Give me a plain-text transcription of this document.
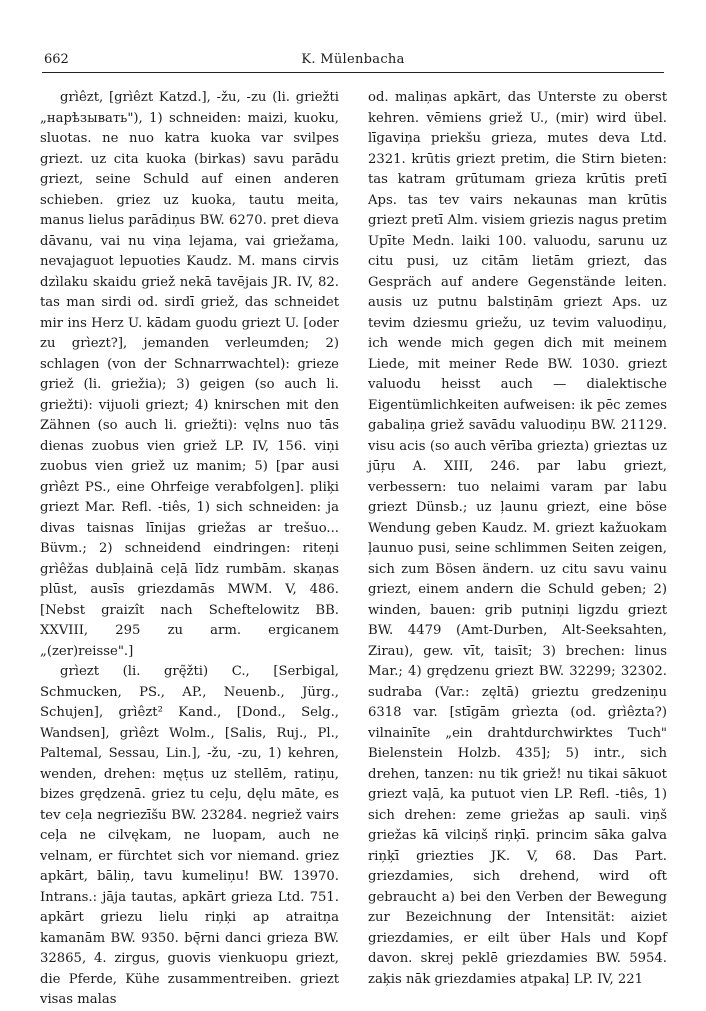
662	K. Mülenbacha

grìêzt, [grìêzt Katzd.], -žu, -zu (li. griežti „нарѣзывать"), 1) schneiden: maizi, kuoku, sluotas. ne nuo katra kuoka var svilpes griezt. uz cita kuoka (birkas) savu parādu griezt, seine Schuld auf einen anderen schieben. griez uz kuoka, tautu meita, manus lielus parādiņus BW. 6270. pret dieva dāvanu, vai nu viņa lejama, vai griežama, nevajaguot lepuoties Kaudz. M. mans cirvis dzìlaku skaidu griež nekā tavējais JR. IV, 82. tas man sirdi od. sirdī griež, das schneidet mir ins Herz U. kādam guodu griezt U. [oder zu grìezt?], jemanden verleumden; 2) schlagen (von der Schnarrwachtel): grieze griež (li. griežia); 3) geigen (so auch li. griežti): vijuoli griezt; 4) knirschen mit den Zähnen (so auch li. griežti): vęlns nuo tās dienas zuobus vien griež LP. IV, 156. viņi zuobus vien griež uz manim; 5) [par ausi grìêzt PS., eine Ohrfeige verabfolgen]. pliķi griezt Mar. Refl. -tiês, 1) sich schneiden: ja divas taisnas līnijas griežas ar trešuo... Büvm.; 2) schneidend eindringen: riteņi grìêžas dubļainā ceļā līdz rumbām. skaņas plūst, ausīs griezdamās MWM. V, 486. [Nebst graizît nach Scheftelowitz BB. XXVIII, 295 zu arm. ergicanem „(zer)reisse".]

grìezt (li. grę̃žti) C., [Serbigal, Schmucken, PS., AP., Neuenb., Jürg., Schujen], grìêzt² Kand., [Dond., Selg., Wandsen], grìêzt Wolm., [Salis, Ruj., Pl., Paltemal, Sessau, Lin.], -žu, -zu, 1) kehren, wenden, drehen: męṭus uz stellēm, ratiņu, bizes grędzenā. griez tu ceļu, dęlu māte, es tev ceļa negriezīšu BW. 23284. negriež vairs ceļa ne cilvękam, ne luopam, auch ne velnam, er fürchtet sich vor niemand. griez apkārt, bāliņ, tavu kumeliņu! BW. 13970. Intrans.: jāja tautas, apkārt grieza Ltd. 751. apkārt griezu lielu riņķi ap atraitņa kamanām BW. 9350. bę̄rni danci grieza BW. 32865, 4. zirgus, guovis vienkuopu griezt, die Pferde, Kühe zusammentreiben. griezt visas malas

od. maliņas apkārt, das Unterste zu oberst kehren. vēmiens griež U., (mir) wird übel. līgaviņa priekšu grieza, mutes deva Ltd. 2321. krūtis griezt pretim, die Stirn bieten: tas katram grūtumam grieza krūtis pretī Aps. tas tev vairs nekaunas man krūtis griezt pretī Alm. visiem griezis nagus pretim Upīte Medn. laiki 100. valuodu, sarunu uz citu pusi, uz citām lietām griezt, das Gespräch auf andere Gegenstände leiten. ausis uz putnu balstiņām griezt Aps. uz tevim dziesmu griežu, uz tevim valuodiņu, ich wende mich gegen dich mit meinem Liede, mit meiner Rede BW. 1030. griezt valuodu heisst auch — dialektische Eigentümlichkeiten aufweisen: ik pēc zemes gabaliņa griež savādu valuodiņu BW. 21129. visu acis (so auch vērība griezta) grieztas uz jūŗu A. XIII, 246. par labu griezt, verbessern: tuo nelaimi varam par labu griezt Dünsb.; uz ļaunu griezt, eine böse Wendung geben Kaudz. M. griezt kažuokam ļaunuo pusi, seine schlimmen Seiten zeigen, sich zum Bösen ändern. uz citu savu vainu griezt, einem andern die Schuld geben; 2) winden, bauen: grib putniņi ligzdu griezt BW. 4479 (Amt-Durben, Alt-Seeksahten, Zirau), gew. vīt, taisīt; 3) brechen: linus Mar.; 4) grędzenu griezt BW. 32299; 32302. sudraba (Var.: zęltā) grieztu gredzeniņu 6318 var. [stīgām grìezta (od. grìêzta?) vilnainīte „ein drahtdurchwirktes Tuch" Bielenstein Holzb. 435]; 5) intr., sich drehen, tanzen: nu tik griež! nu tikai sākuot griezt vaļā, ka putuot vien LP. Refl. -tiês, 1) sich drehen: zeme griežas ap sauli. viņš griežas kā vilciņš riņķī. princim sāka galva riņķī griezties JK. V, 68. Das Part. griezdamies, sich drehend, wird oft gebraucht a) bei den Verben der Bewegung zur Bezeichnung der Intensität: aiziet griezdamies, er eilt über Hals und Kopf davon. skrej peklē griezdamies BW. 5954. zaķis nāk griezdamies atpakaļ LP. IV, 221
